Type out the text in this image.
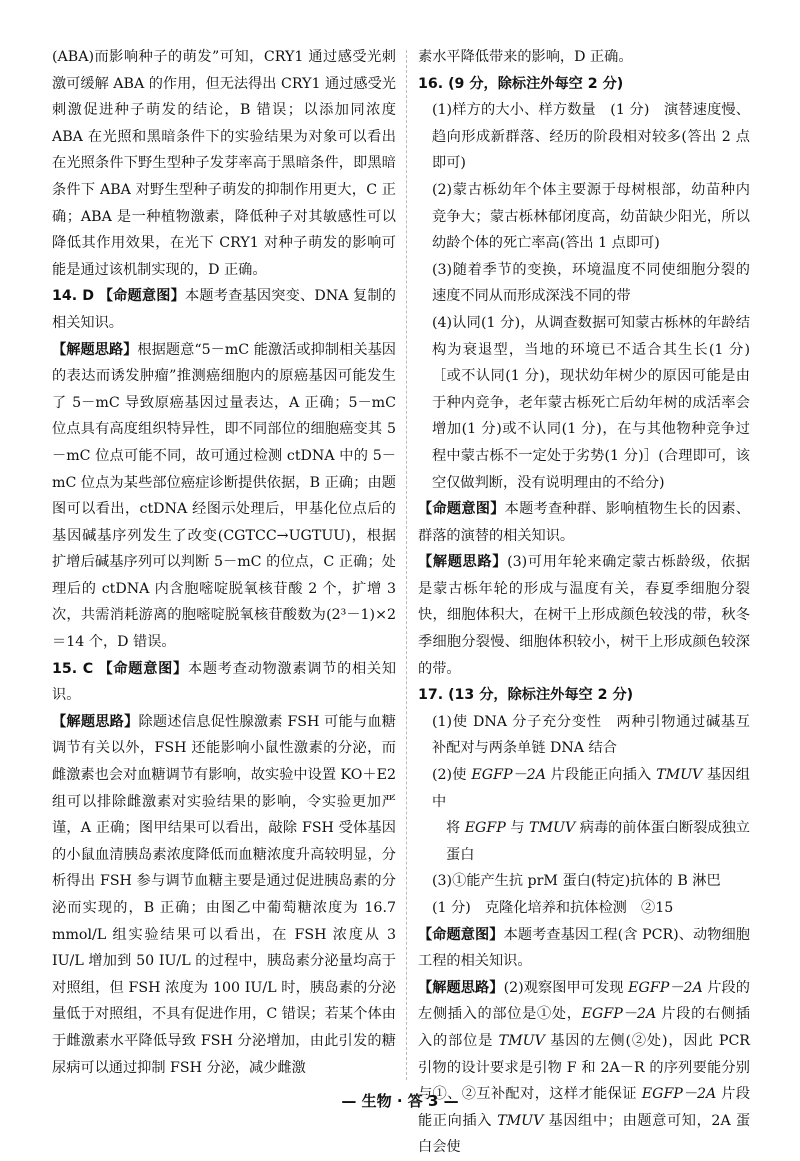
(ABA)而影响种子的萌发”可知，CRY1 通过感受光刺激可缓解 ABA 的作用，但无法得出 CRY1 通过感受光刺激促进种子萌发的结论，B 错误；以添加同浓度 ABA 在光照和黑暗条件下的实验结果为对象可以看出在光照条件下野生型种子发芽率高于黑暗条件，即黑暗条件下 ABA 对野生型种子萌发的抑制作用更大，C 正确；ABA 是一种植物激素，降低种子对其敏感性可以降低其作用效果，在光下 CRY1 对种子萌发的影响可能是通过该机制实现的，D 正确。

14. D 【命题意图】本题考查基因突变、DNA 复制的相关知识。

【解题思路】根据题意“5－mC 能激活或抑制相关基因的表达而诱发肿瘤”推测癌细胞内的原癌基因可能发生了 5－mC 导致原癌基因过量表达，A 正确；5－mC 位点具有高度组织特异性，即不同部位的细胞癌变其 5－mC 位点可能不同，故可通过检测 ctDNA 中的 5－mC 位点为某些部位癌症诊断提供依据，B 正确；由题图可以看出，ctDNA 经图示处理后，甲基化位点后的基因碱基序列发生了改变(CGTCC→UGTUU)，根据扩增后碱基序列可以判断 5－mC 的位点，C 正确；处理后的 ctDNA 内含胞嘧啶脱氧核苷酸 2 个，扩增 3 次，共需消耗游离的胞嘧啶脱氧核苷酸数为(2³－1)×2＝14 个，D 错误。

15. C 【命题意图】本题考查动物激素调节的相关知识。

【解题思路】除题述信息促性腺激素 FSH 可能与血糖调节有关以外，FSH 还能影响小鼠性激素的分泌，而雌激素也会对血糖调节有影响，故实验中设置 KO＋E2 组可以排除雌激素对实验结果的影响，令实验更加严谨，A 正确；图甲结果可以看出，敲除 FSH 受体基因的小鼠血清胰岛素浓度降低而血糖浓度升高较明显，分析得出 FSH 参与调节血糖主要是通过促进胰岛素的分泌而实现的，B 正确；由图乙中葡萄糖浓度为 16.7 mmol/L 组实验结果可以看出，在 FSH 浓度从 3 IU/L 增加到 50 IU/L 的过程中，胰岛素分泌量均高于对照组，但 FSH 浓度为 100 IU/L 时，胰岛素的分泌量低于对照组，不具有促进作用，C 错误；若某个体由于雌激素水平降低导致 FSH 分泌增加，由此引发的糖尿病可以通过抑制 FSH 分泌，减少雌激

素水平降低带来的影响，D 正确。

16. (9 分，除标注外每空 2 分)

(1)样方的大小、样方数量　(1 分)　演替速度慢、趋向形成新群落、经历的阶段相对较多(答出 2 点即可)

(2)蒙古栎幼年个体主要源于母树根部，幼苗种内竞争大；蒙古栎林郁闭度高，幼苗缺少阳光，所以幼龄个体的死亡率高(答出 1 点即可)

(3)随着季节的变换，环境温度不同使细胞分裂的速度不同从而形成深浅不同的带

(4)认同(1 分)，从调查数据可知蒙古栎林的年龄结构为衰退型，当地的环境已不适合其生长(1 分)［或不认同(1 分)，现状幼年树少的原因可能是由于种内竞争，老年蒙古栎死亡后幼年树的成活率会增加(1 分)或不认同(1 分)，在与其他物种竞争过程中蒙古栎不一定处于劣势(1 分)］(合理即可，该空仅做判断，没有说明理由的不给分)

【命题意图】本题考查种群、影响植物生长的因素、群落的演替的相关知识。

【解题思路】(3)可用年轮来确定蒙古栎龄级，依据是蒙古栎年轮的形成与温度有关，春夏季细胞分裂快，细胞体积大，在树干上形成颜色较浅的带，秋冬季细胞分裂慢、细胞体积较小，树干上形成颜色较深的带。

17. (13 分，除标注外每空 2 分)

(1)使 DNA 分子充分变性　两种引物通过碱基互补配对与两条单链 DNA 结合

(2)使 EGFP－2A 片段能正向插入 TMUV 基因组中

将 EGFP 与 TMUV 病毒的前体蛋白断裂成独立蛋白

(3)①能产生抗 prM 蛋白(特定)抗体的 B 淋巴

(1 分)　克隆化培养和抗体检测　②15

【命题意图】本题考查基因工程(含 PCR)、动物细胞工程的相关知识。

【解题思路】(2)观察图甲可发现 EGFP－2A 片段的左侧插入的部位是①处，EGFP－2A 片段的右侧插入的部位是 TMUV 基因的左侧(②处)，因此 PCR 引物的设计要求是引物 F 和 2A－R 的序列要能分别与①、②互补配对，这样才能保证 EGFP－2A 片段能正向插入 TMUV 基因组中；由题意可知，2A 蛋白会使

— 生物 · 答 3 —
